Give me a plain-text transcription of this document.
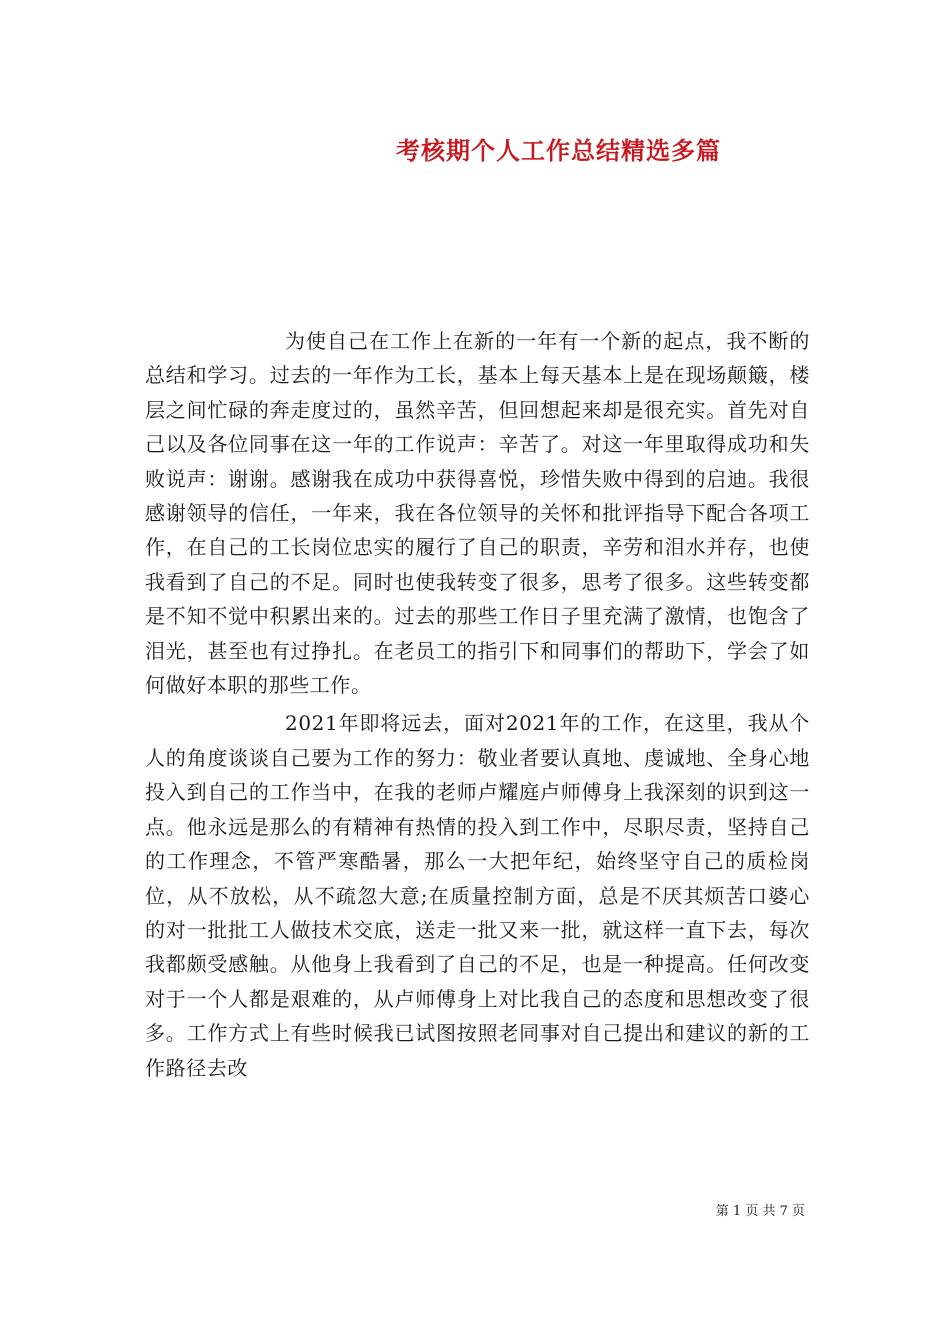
考核期个人工作总结精选多篇

为使自己在工作上在新的一年有一个新的起点，我不断的总结和学习。过去的一年作为工长，基本上每天基本上是在现场颠簸，楼层之间忙碌的奔走度过的，虽然辛苦，但回想起来却是很充实。首先对自己以及各位同事在这一年的工作说声：辛苦了。对这一年里取得成功和失败说声：谢谢。感谢我在成功中获得喜悦，珍惜失败中得到的启迪。我很感谢领导的信任，一年来，我在各位领导的关怀和批评指导下配合各项工作，在自己的工长岗位忠实的履行了自己的职责，辛劳和泪水并存，也使我看到了自己的不足。同时也使我转变了很多，思考了很多。这些转变都是不知不觉中积累出来的。过去的那些工作日子里充满了激情，也饱含了泪光，甚至也有过挣扎。在老员工的指引下和同事们的帮助下，学会了如何做好本职的那些工作。

2021年即将远去，面对2021年的工作，在这里，我从个人的角度谈谈自己要为工作的努力：敬业者要认真地、虔诚地、全身心地投入到自己的工作当中，在我的老师卢耀庭卢师傅身上我深刻的识到这一点。他永远是那么的有精神有热情的投入到工作中，尽职尽责，坚持自己的工作理念，不管严寒酷暑，那么一大把年纪，始终坚守自己的质检岗位，从不放松，从不疏忽大意;在质量控制方面，总是不厌其烦苦口婆心的对一批批工人做技术交底，送走一批又来一批，就这样一直下去，每次我都颇受感触。从他身上我看到了自己的不足，也是一种提高。任何改变对于一个人都是艰难的，从卢师傅身上对比我自己的态度和思想改变了很多。工作方式上有些时候我已试图按照老同事对自己提出和建议的新的工作路径去改

第 1 页 共 7 页
